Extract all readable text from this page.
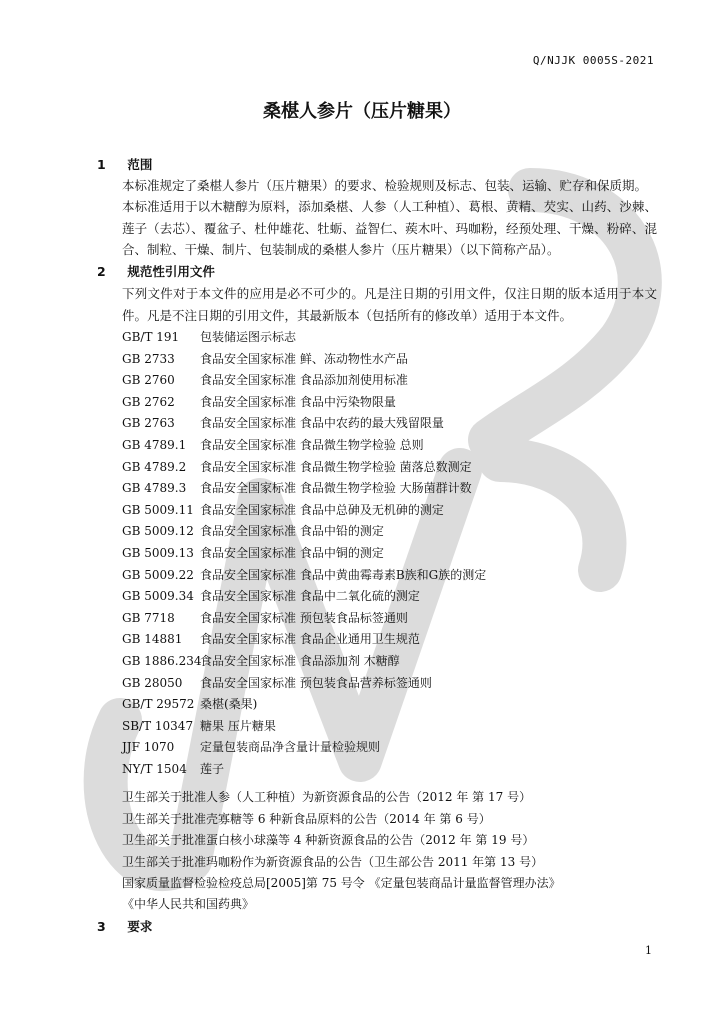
Q/NJJK 0005S-2021
桑椹人参片（压片糖果）
1 范围
本标准规定了桑椹人参片（压片糖果）的要求、检验规则及标志、包装、运输、贮存和保质期。
本标准适用于以木糖醇为原料，添加桑椹、人参（人工种植）、葛根、黄精、芡实、山药、沙棘、莲子（去芯）、覆盆子、杜仲雄花、牡蛎、益智仁、蒺木叶、玛咖粉，经预处理、干燥、粉碎、混合、制粒、干燥、制片、包装制成的桑椹人参片（压片糖果）（以下简称产品）。
2 规范性引用文件
下列文件对于本文件的应用是必不可少的。凡是注日期的引用文件，仅注日期的版本适用于本文件。凡是不注日期的引用文件，其最新版本（包括所有的修改单）适用于本文件。
GB/T 191 包装储运图示标志
GB 2733 食品安全国家标准 鲜、冻动物性水产品
GB 2760 食品安全国家标准 食品添加剂使用标准
GB 2762 食品安全国家标准 食品中污染物限量
GB 2763 食品安全国家标准 食品中农药的最大残留限量
GB 4789.1 食品安全国家标准 食品微生物学检验 总则
GB 4789.2 食品安全国家标准 食品微生物学检验 菌落总数测定
GB 4789.3 食品安全国家标准 食品微生物学检验 大肠菌群计数
GB 5009.11 食品安全国家标准 食品中总砷及无机砷的测定
GB 5009.12 食品安全国家标准 食品中铅的测定
GB 5009.13 食品安全国家标准 食品中铜的测定
GB 5009.22 食品安全国家标准 食品中黄曲霉毒素B族和G族的测定
GB 5009.34 食品安全国家标准 食品中二氧化硫的测定
GB 7718 食品安全国家标准 预包装食品标签通则
GB 14881 食品安全国家标准 食品企业通用卫生规范
GB 1886.234食品安全国家标准 食品添加剂 木糖醇
GB 28050 食品安全国家标准 预包装食品营养标签通则
GB/T 29572 桑椹(桑果)
SB/T 10347 糖果 压片糖果
JJF 1070 定量包装商品净含量计量检验规则
NY/T 1504 莲子
卫生部关于批准人参（人工种植）为新资源食品的公告（2012 年 第 17 号）
卫生部关于批准壳寡糖等 6 种新食品原料的公告（2014 年 第 6 号）
卫生部关于批准蛋白核小球藻等 4 种新资源食品的公告（2012 年 第 19 号）
卫生部关于批准玛咖粉作为新资源食品的公告（卫生部公告 2011 年第 13 号）
国家质量监督检验检疫总局[2005]第 75 号令 《定量包装商品计量监督管理办法》
《中华人民共和国药典》
3 要求
1
